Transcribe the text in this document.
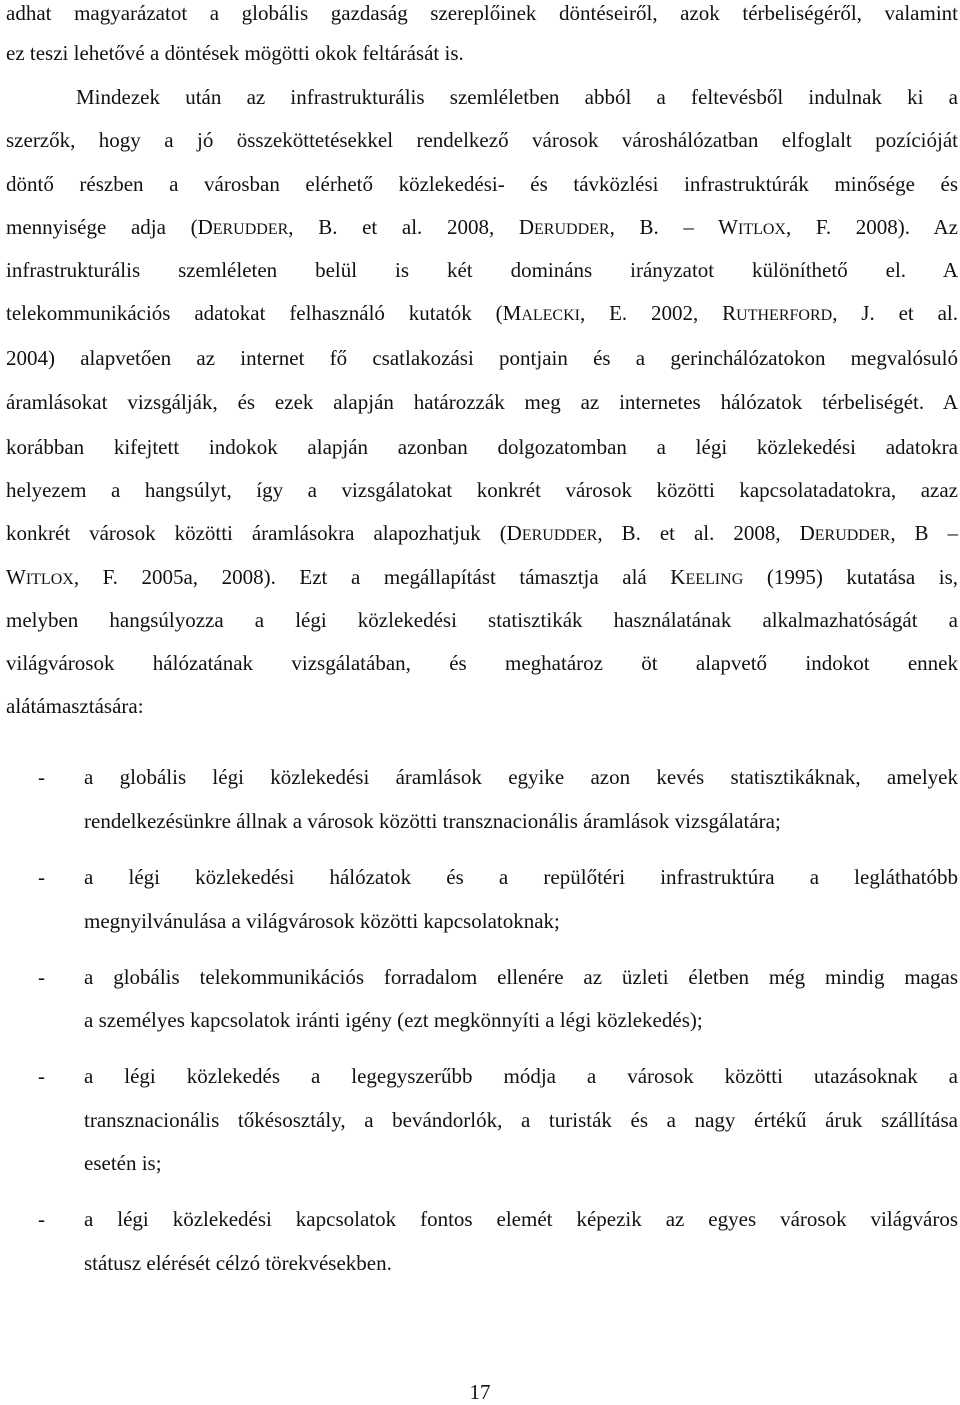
adhat magyarázatot a globális gazdaság szereplőinek döntéseiről, azok térbeliségéről, valamint
ez teszi lehetővé a döntések mögötti okok feltárását is.
Mindezek után az infrastrukturális szemléletben abból a feltevésből indulnak ki a
szerzők, hogy a jó összeköttetésekkel rendelkező városok városhálózatban elfoglalt pozícióját
döntő részben a városban elérhető közlekedési- és távközlési infrastruktúrák minősége és
mennyisége adja (DERUDDER, B. et al. 2008, DERUDDER, B. – WITLOX, F. 2008). Az
infrastrukturális szemléleten belül is két domináns irányzatot különíthető el. A
telekommunikációs adatokat felhasználó kutatók (MALECKI, E. 2002, RUTHERFORD, J. et al.
2004) alapvetően az internet fő csatlakozási pontjain és a gerinchálózatokon megvalósuló
áramlásokat vizsgálják, és ezek alapján határozzák meg az internetes hálózatok térbeliségét. A
korábban kifejtett indokok alapján azonban dolgozatomban a légi közlekedési adatokra
helyezem a hangsúlyt, így a vizsgálatokat konkrét városok közötti kapcsolatadatokra, azaz
konkrét városok közötti áramlásokra alapozhatjuk (DERUDDER, B. et al. 2008, DERUDDER, B –
WITLOX, F. 2005a, 2008). Ezt a megállapítást támasztja alá KEELING (1995) kutatása is,
melyben hangsúlyozza a légi közlekedési statisztikák használatának alkalmazhatóságát a
világvárosok hálózatának vizsgálatában, és meghatároz öt alapvető indokot ennek
alátámasztására:
-	a globális légi közlekedési áramlások egyike azon kevés statisztikáknak, amelyek
rendelkezésünkre állnak a városok közötti transznacionális áramlások vizsgálatára;
-	a légi közlekedési hálózatok és a repülőtéri infrastruktúra a legláthatóbb
megnyilvánulása a világvárosok közötti kapcsolatoknak;
-	a globális telekommunikációs forradalom ellenére az üzleti életben még mindig magas
a személyes kapcsolatok iránti igény (ezt megkönnyíti a légi közlekedés);
-	a légi közlekedés a legegyszerűbb módja a városok közötti utazásoknak a
transznacionális tőkésosztály, a bevándorlók, a turisták és a nagy értékű áruk szállítása
esetén is;
-	a légi közlekedési kapcsolatok fontos elemét képezik az egyes városok világváros
státusz elérését célzó törekvésekben.
17
